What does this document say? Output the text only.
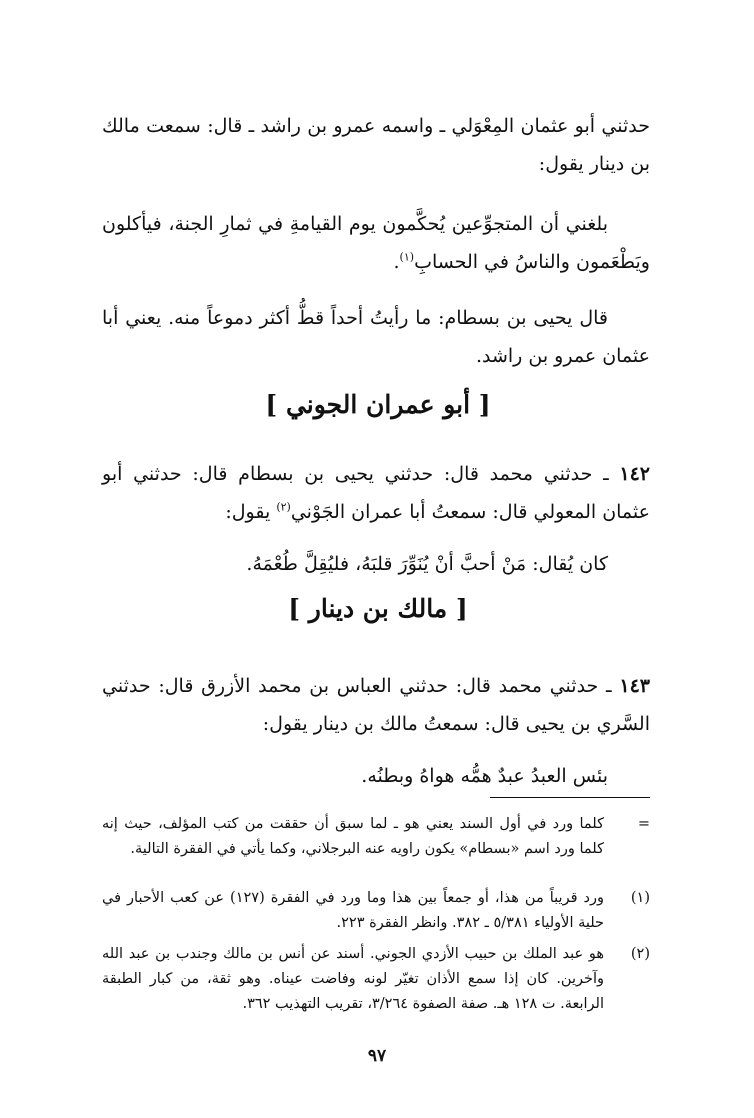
حدثني أبو عثمان المِعْوَلي ـ واسمه عمرو بن راشد ـ قال: سمعت مالك بن دينار يقول:

بلغني أن المتجوِّعين يُحكَّمون يوم القيامةِ في ثمارِ الجنة، فيأكلون ويَطْعَمون والناسُ في الحسابِ$^{(١)}$.

قال يحيى بن بسطام: ما رأيتُ أحداً قطُّ أكثر دموعاً منه. يعني أبا عثمان عمرو بن راشد.

[ أبو عمران الجوني ]

١٤٢ ـ حدثني محمد قال: حدثني يحيى بن بسطام قال: حدثني أبو عثمان المعولي قال: سمعتُ أبا عمران الجَوْني$^{(٢)}$ يقول:

كان يُقال: مَنْ أحبَّ أنْ يُنَوِّرَ قلبَهُ، فليُقِلَّ طُعْمَهُ.

[ مالك بن دينار ]

١٤٣ ـ حدثني محمد قال: حدثني العباس بن محمد الأزرق قال: حدثني السَّري بن يحيى قال: سمعتُ مالك بن دينار يقول:

بئس العبدُ عبدٌ همُّه هواهُ وبطنُه.

=
كلما ورد في أول السند يعني هو ـ لما سبق أن حققت من كتب المؤلف، حيث إنه كلما ورد اسم «بسطام» يكون راويه عنه البرجلاني، وكما يأتي في الفقرة التالية.
(١)
ورد قريباً من هذا، أو جمعاً بين هذا وما ورد في الفقرة (١٢٧) عن كعب الأحبار في حلية الأولياء ٥/٣٨١ ـ ٣٨٢. وانظر الفقرة ٢٢٣.
(٢)
هو عبد الملك بن حبيب الأزدي الجوني. أسند عن أنس بن مالك وجندب بن عبد الله وآخرين. كان إذا سمع الأذان تغيّر لونه وفاضت عيناه. وهو ثقة، من كبار الطبقة الرابعة. ت ١٢٨ هـ. صفة الصفوة ٣/٢٦٤، تقريب التهذيب ٣٦٢.
٩٧
